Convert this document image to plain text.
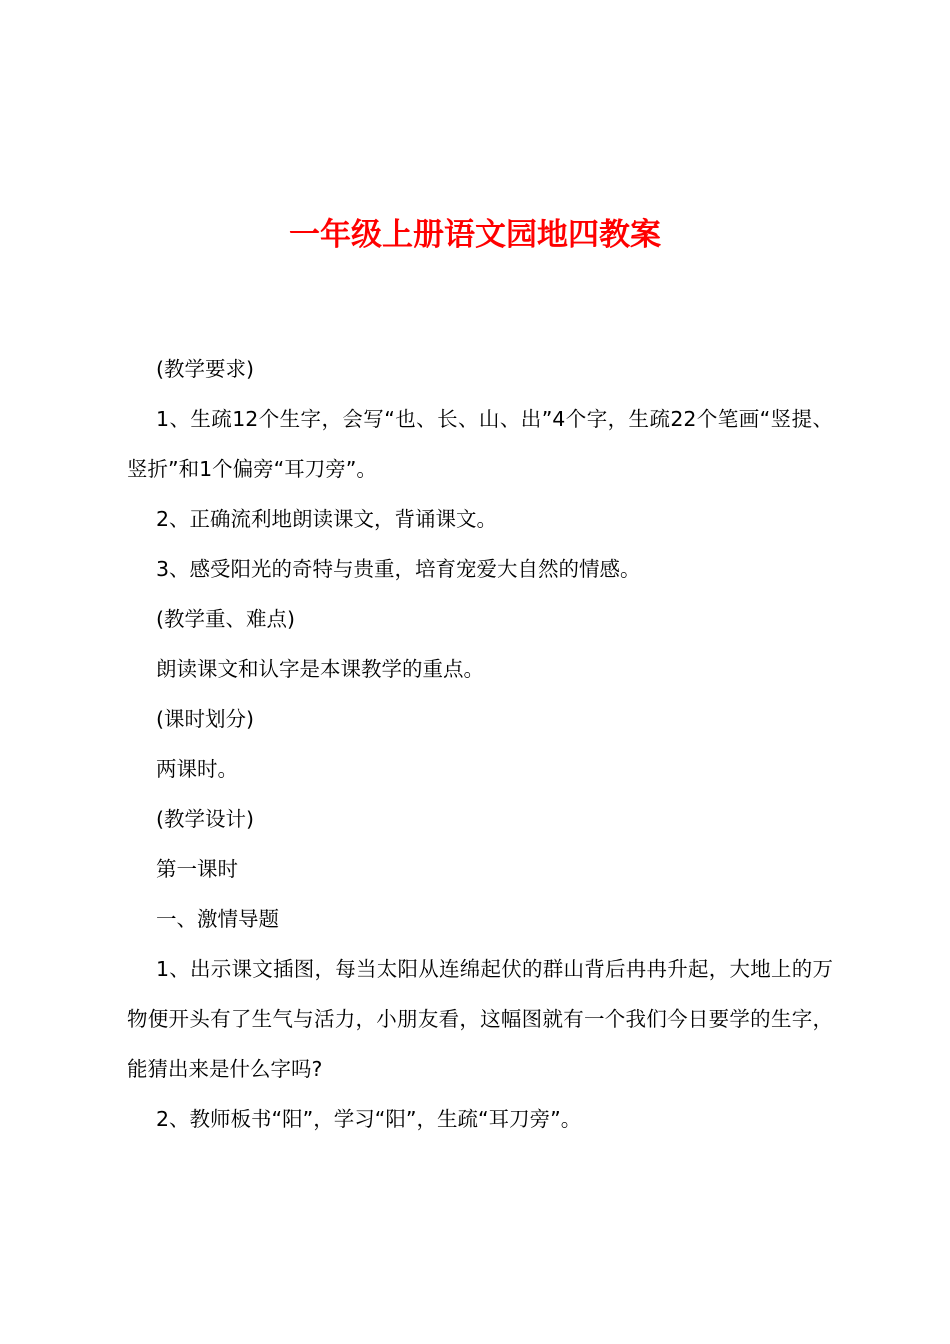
一年级上册语文园地四教案

(教学要求)

1、生疏12个生字，会写“也、长、山、出”4个字，生疏22个笔画“竖提、竖折”和1个偏旁“耳刀旁”。

2、正确流利地朗读课文，背诵课文。

3、感受阳光的奇特与贵重，培育宠爱大自然的情感。

(教学重、难点)

朗读课文和认字是本课教学的重点。

(课时划分)

两课时。

(教学设计)

第一课时

一、激情导题

1、出示课文插图，每当太阳从连绵起伏的群山背后冉冉升起，大地上的万物便开头有了生气与活力，小朋友看，这幅图就有一个我们今日要学的生字，能猜出来是什么字吗?

2、教师板书“阳”，学习“阳”，生疏“耳刀旁”。
